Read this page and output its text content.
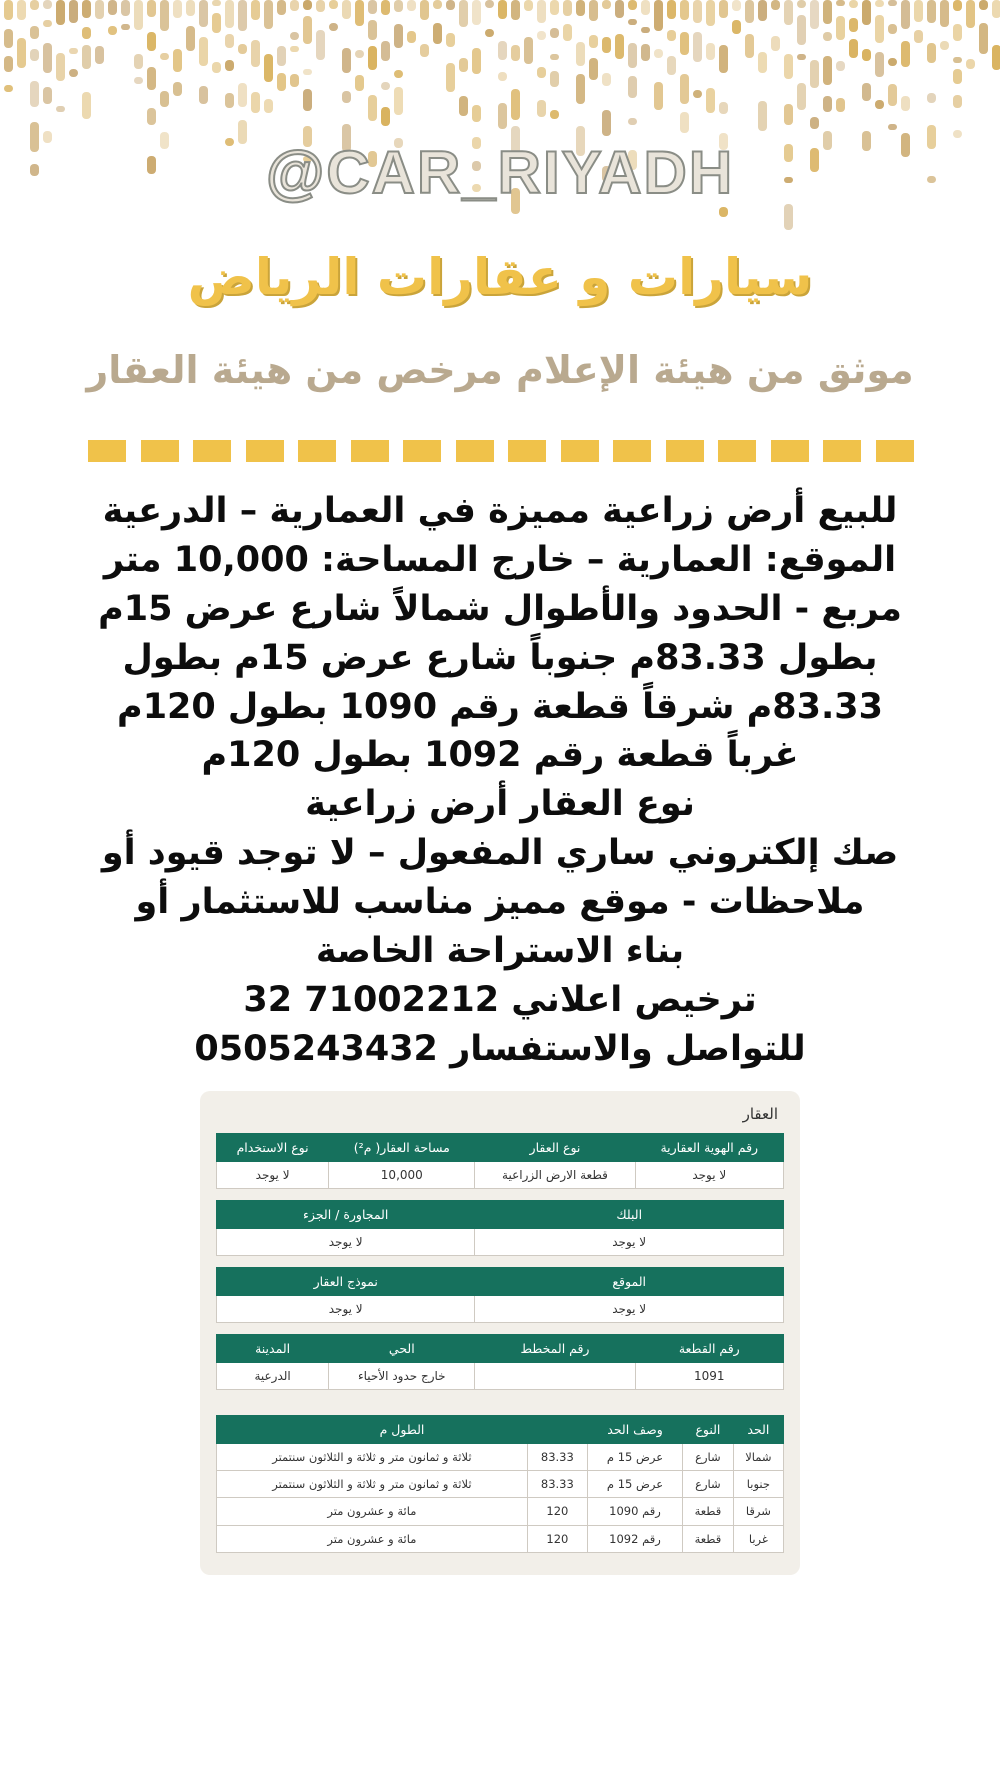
@CAR_RIYADH
سيارات و عقارات الرياض
موثق من هيئة الإعلام مرخص من هيئة العقار

للبيع أرض زراعية مميزة في العمارية – الدرعية

الموقع: العمارية – خارج المساحة: 10,000 متر

مربع - الحدود والأطوال شمالاً شارع عرض 15م

بطول 83.33م جنوباً شارع عرض 15م بطول

83.33م شرقاً قطعة رقم 1090 بطول 120م

غرباً قطعة رقم 1092 بطول 120م

نوع العقار أرض زراعية

صك إلكتروني ساري المفعول – لا توجد قيود أو

ملاحظات - موقع مميز مناسب للاستثمار أو

بناء الاستراحة الخاصة

ترخيص اعلاني 71002212 32

للتواصل والاستفسار 0505243432

العقار
رقم الهوية العقارية	نوع العقار	مساحة العقار( م²)	نوع الاستخدام
لا يوجد	قطعة الارض الزراعية	10,000	لا يوجد

البلك		المجاورة / الجزء	
لا يوجد		لا يوجد	

الموقع		نموذج العقار	
لا يوجد		لا يوجد	

رقم القطعة	رقم المخطط	الحي	المدينة
1091		خارج حدود الأحياء	الدرعية

الحد	النوع	وصف الحد	الطول م	
شمالا	شارع	عرض 15 م	83.33	ثلاثة و ثمانون متر و ثلاثة و الثلاثون سنتمتر
جنوبا	شارع	عرض 15 م	83.33	ثلاثة و ثمانون متر و ثلاثة و الثلاثون سنتمتر
شرقا	قطعة	رقم 1090	120	مائة و عشرون متر
غربا	قطعة	رقم 1092	120	مائة و عشرون متر
